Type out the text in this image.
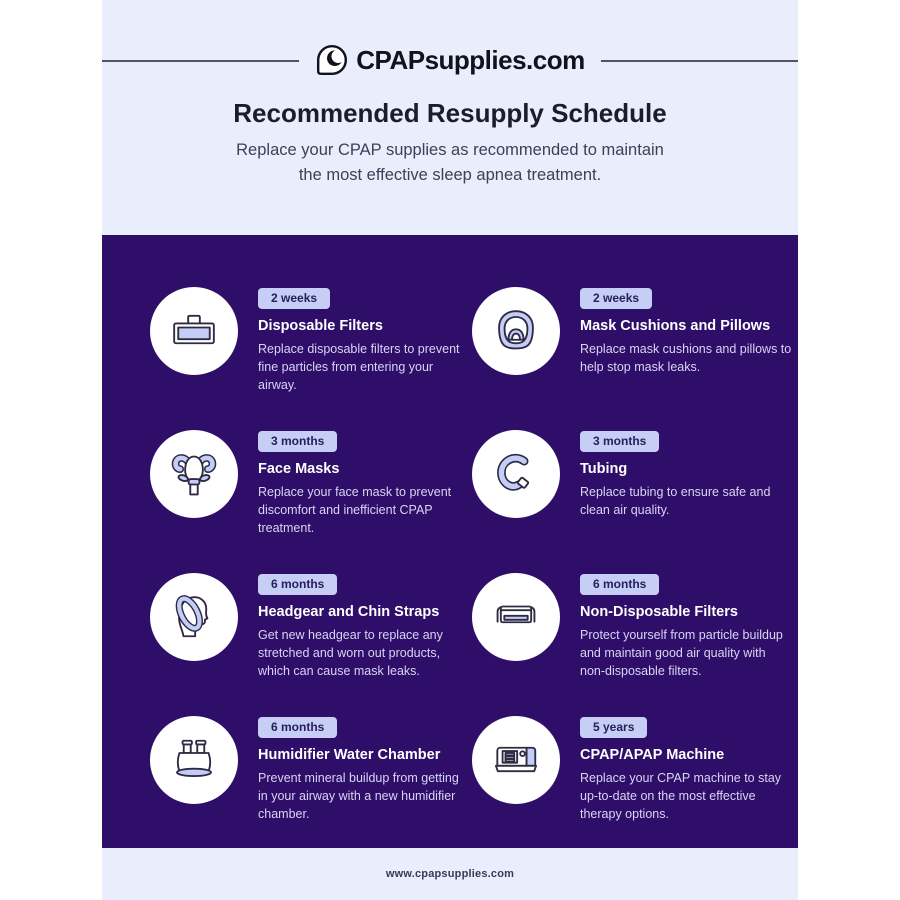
CPAPsupplies.com
Recommended Resupply Schedule
Replace your CPAP supplies as recommended to maintain
the most effective sleep apnea treatment.
2 weeks
Disposable Filters
Replace disposable filters to prevent fine particles from entering your airway.
2 weeks
Mask Cushions and Pillows
Replace mask cushions and pillows to help stop mask leaks.
3 months
Face Masks
Replace your face mask to prevent discomfort and inefficient CPAP treatment.
3 months
Tubing
Replace tubing to ensure safe and clean air quality.
6 months
Headgear and Chin Straps
Get new headgear to replace any stretched and worn out products, which can cause mask leaks.
6 months
Non-Disposable Filters
Protect yourself from particle buildup and maintain good air quality with non-disposable filters.
6 months
Humidifier Water Chamber
Prevent mineral buildup from getting in your airway with a new humidifier chamber.
5 years
CPAP/APAP Machine
Replace your CPAP machine to stay up-to-date on the most effective therapy options.
www.cpapsupplies.com
